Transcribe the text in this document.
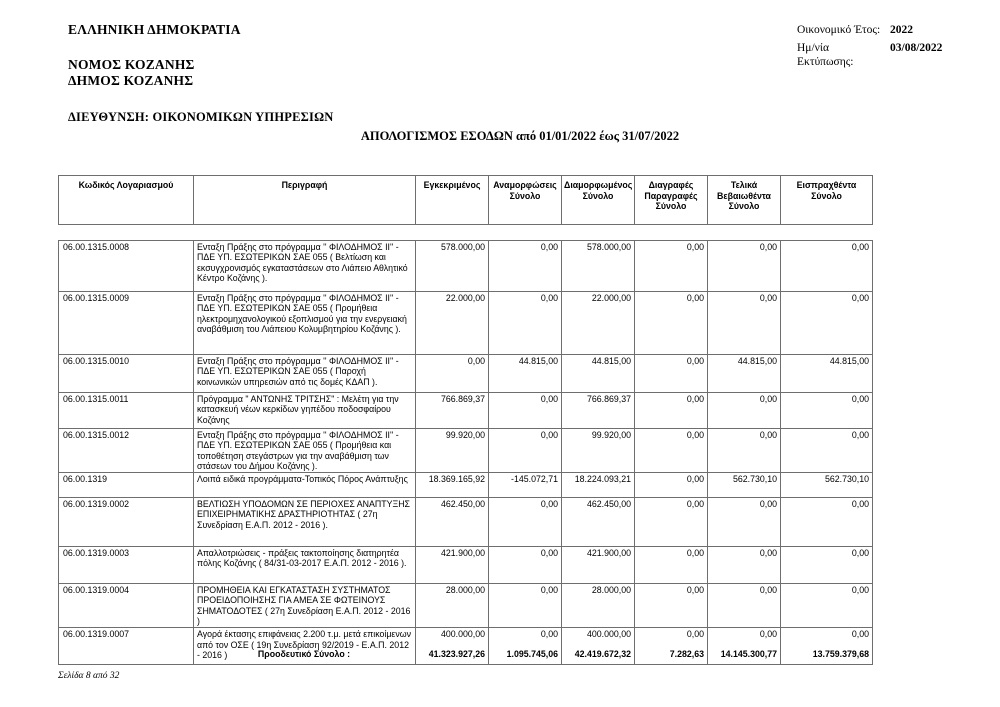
ΕΛΛΗΝΙΚΗ ΔΗΜΟΚΡΑΤΙΑ
ΝΟΜΟΣ ΚΟΖΑΝΗΣ
ΔΗΜΟΣ ΚΟΖΑΝΗΣ
ΔΙΕΥΘΥΝΣΗ: ΟΙΚΟΝΟΜΙΚΩΝ ΥΠΗΡΕΣΙΩΝ
ΑΠΟΛΟΓΙΣΜΟΣ ΕΣΟΔΩΝ από 01/01/2022 έως 31/07/2022
Οικονομικό Έτος: 2022
Ημ/νία
Εκτύπωσης:
03/08/2022
Κωδικός Λογαριασμού	Περιγραφή	Εγκεκριμένος	Αναμορφώσεις Σύνολο	Διαμορφωμένος Σύνολο	Διαγραφές Παραγραφές Σύνολο	Τελικά Βεβαιωθέντα Σύνολο	Εισπραχθέντα Σύνολο
06.00.1315.0008	Ενταξη Πράξης στο πρόγραμμα '' ΦΙΛΟΔΗΜΟΣ ΙΙ'' - ΠΔΕ ΥΠ. ΕΣΩΤΕΡΙΚΩΝ ΣΑΕ 055 ( Βελτίωση και εκσυγχρονισμός εγκαταστάσεων στο Λιάπειο Αθλητικό Κέντρο Κοζάνης ).	578.000,00	0,00	578.000,00	0,00	0,00	0,00
06.00.1315.0009	Ενταξη Πράξης στο πρόγραμμα '' ΦΙΛΟΔΗΜΟΣ ΙΙ'' - ΠΔΕ ΥΠ. ΕΣΩΤΕΡΙΚΩΝ ΣΑΕ 055 ( Προμήθεια ηλεκτρομηχανολογικού εξοπλισμού για την ενεργειακή αναβάθμιση του Λιάπειου Κολυμβητηρίου Κοζάνης ).	22.000,00	0,00	22.000,00	0,00	0,00	0,00
06.00.1315.0010	Ενταξη Πράξης στο πρόγραμμα '' ΦΙΛΟΔΗΜΟΣ ΙΙ'' - ΠΔΕ ΥΠ. ΕΣΩΤΕΡΙΚΩΝ ΣΑΕ 055 ( Παροχή κοινωνικών υπηρεσιών από τις δομές ΚΔΑΠ ).	0,00	44.815,00	44.815,00	0,00	44.815,00	44.815,00
06.00.1315.0011	Πρόγραμμα " ΑΝΤΩΝΗΣ ΤΡΙΤΣΗΣ" : Μελέτη για την κατασκευή νέων κερκίδων γηπέδου ποδοσφαίρου Κοζάνης	766.869,37	0,00	766.869,37	0,00	0,00	0,00
06.00.1315.0012	Ενταξη Πράξης στο πρόγραμμα '' ΦΙΛΟΔΗΜΟΣ ΙΙ'' - ΠΔΕ ΥΠ. ΕΣΩΤΕΡΙΚΩΝ ΣΑΕ 055 ( Προμήθεια και τοποθέτηση στεγάστρων για την αναβάθμιση των στάσεων του Δήμου Κοζάνης ).	99.920,00	0,00	99.920,00	0,00	0,00	0,00
06.00.1319	Λοιπά ειδικά προγράμματα-Τοπικός Πόρος Ανάπτυξης	18.369.165,92	-145.072,71	18.224.093,21	0,00	562.730,10	562.730,10
06.00.1319.0002	ΒΕΛΤΙΩΣΗ ΥΠΟΔΟΜΩΝ ΣΕ ΠΕΡΙΟΧΕΣ ΑΝΑΠΤΥΞΗΣ ΕΠΙΧΕΙΡΗΜΑΤΙΚΗΣ ΔΡΑΣΤΗΡΙΟΤΗΤΑΣ ( 27η Συνεδρίαση Ε.Α.Π. 2012 - 2016 ).	462.450,00	0,00	462.450,00	0,00	0,00	0,00
06.00.1319.0003	Απαλλοτριώσεις - πράξεις τακτοποίησης διατηρητέα πόλης Κοζάνης ( 84/31-03-2017 Ε.Α.Π. 2012 - 2016 ).	421.900,00	0,00	421.900,00	0,00	0,00	0,00
06.00.1319.0004	ΠΡΟΜΗΘΕΙΑ ΚΑΙ ΕΓΚΑΤΑΣΤΑΣΗ ΣΥΣΤΗΜΑΤΟΣ ΠΡΟΕΙΔΟΠΟΙΗΣΗΣ ΓΙΑ ΑΜΕΑ ΣΕ ΦΩΤΕΙΝΟΥΣ ΣΗΜΑΤΟΔΟΤΕΣ ( 27η Συνεδρίαση Ε.Α.Π. 2012 - 2016 )	28.000,00	0,00	28.000,00	0,00	0,00	0,00
06.00.1319.0007	Αγορά έκτασης επιφάνειας 2.200 τ.μ. μετά επικοίμενων από τον ΟΣΕ ( 19η Συνεδρίαση 92/2019 - Ε.Α.Π. 2012 - 2016 )	400.000,00	0,00	400.000,00	0,00	0,00	0,00
	Προοδευτικό Σύνολο :	41.323.927,26	1.095.745,06	42.419.672,32	7.282,63	14.145.300,77	13.759.379,68
Σελίδα 8 από 32
